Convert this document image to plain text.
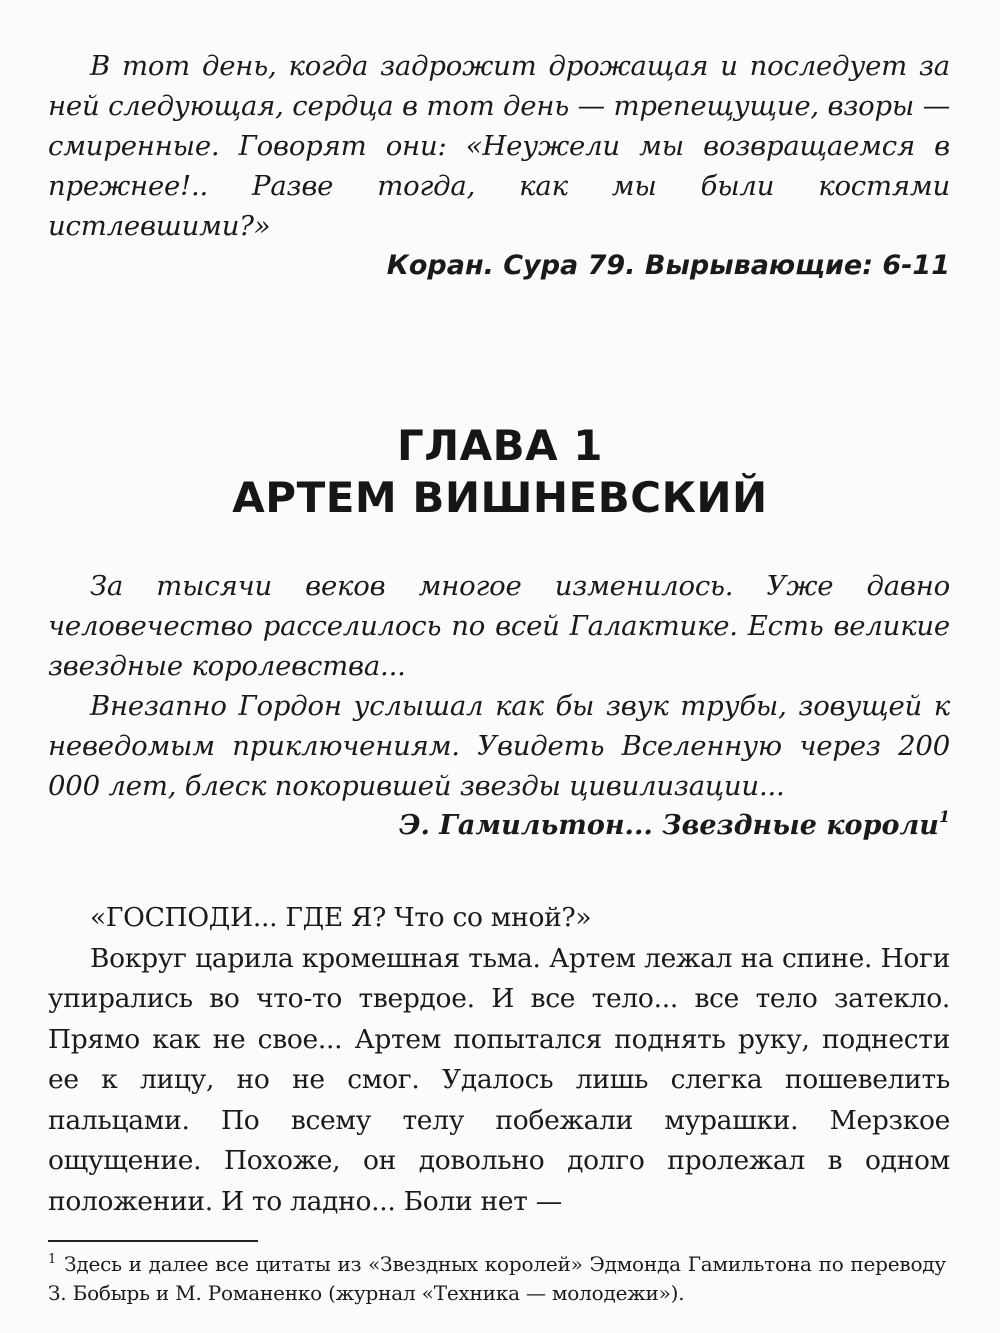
В тот день, когда задрожит дрожащая и последует за ней следующая, сердца в тот день — трепещущие, взоры — смиренные. Говорят они: «Неужели мы возвращаемся в прежнее!.. Разве тогда, как мы были костями истлевшими?»

Коран. Сура 79. Вырывающие: 6-11

ГЛАВА 1
АРТЕМ ВИШНЕВСКИЙ

За тысячи веков многое изменилось. Уже давно человечество расселилось по всей Галактике. Есть великие звездные королевства...

Внезапно Гордон услышал как бы звук трубы, зовущей к неведомым приключениям. Увидеть Вселенную через 200 000 лет, блеск покорившей звезды цивилизации...

Э. Гамильтон... Звездные короли$^1$

«ГОСПОДИ... ГДЕ Я? Что со мной?»

Вокруг царила кромешная тьма. Артем лежал на спине. Ноги упирались во что-то твердое. И все тело... все тело затекло. Прямо как не свое... Артем попытался поднять руку, поднести ее к лицу, но не смог. Удалось лишь слегка пошевелить пальцами. По всему телу побежали мурашки. Мерзкое ощущение. Похоже, он довольно долго пролежал в одном положении. И то ладно... Боли нет —

$^1$ Здесь и далее все цитаты из «Звездных королей» Эдмонда Гамильтона по переводу З. Бобырь и М. Романенко (журнал «Техника — молодежи»).
